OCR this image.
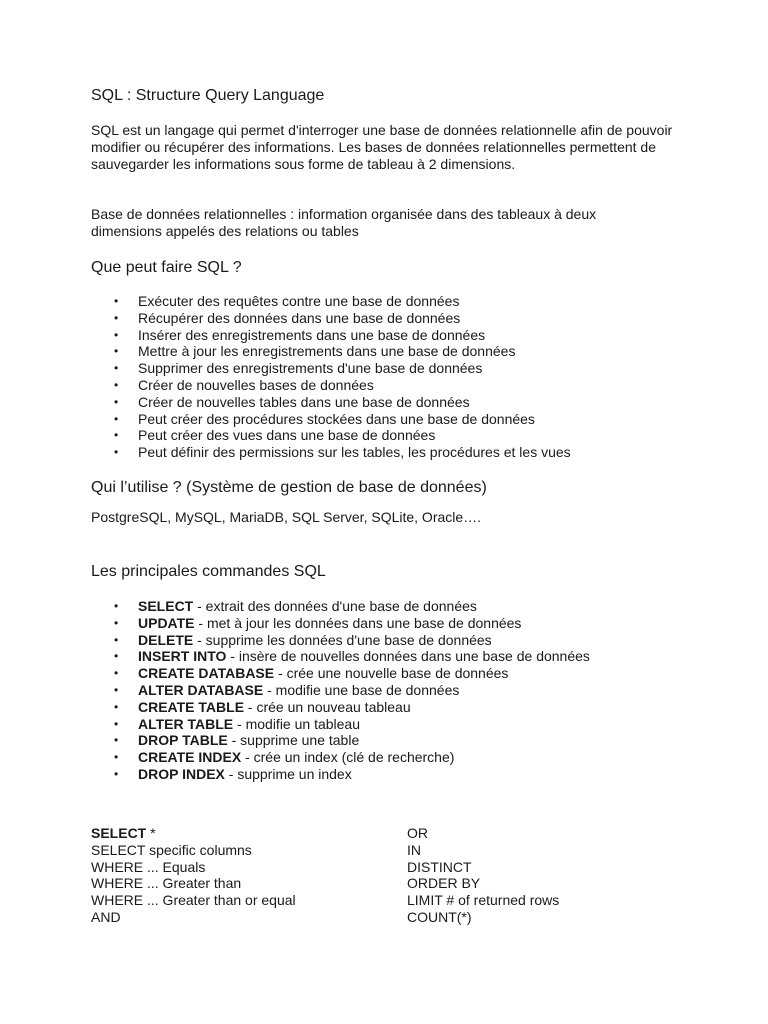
SQL : Structure Query Language
SQL est un langage qui permet d'interroger une base de données relationnelle afin de pouvoir modifier ou récupérer des informations. Les bases de données relationnelles permettent de sauvegarder les informations sous forme de tableau à 2 dimensions.
Base de données relationnelles : information organisée dans des tableaux à deux dimensions appelés des relations ou tables
Que peut faire SQL ?
• Exécuter des requêtes contre une base de données
• Récupérer des données dans une base de données
• Insérer des enregistrements dans une base de données
• Mettre à jour les enregistrements dans une base de données
• Supprimer des enregistrements d'une base de données
• Créer de nouvelles bases de données
• Créer de nouvelles tables dans une base de données
• Peut créer des procédures stockées dans une base de données
• Peut créer des vues dans une base de données
• Peut définir des permissions sur les tables, les procédures et les vues
Qui l’utilise ? (Système de gestion de base de données)
PostgreSQL, MySQL, MariaDB, SQL Server, SQLite, Oracle….
Les principales commandes SQL
• SELECT - extrait des données d'une base de données
• UPDATE - met à jour les données dans une base de données
• DELETE - supprime les données d'une base de données
• INSERT INTO - insère de nouvelles données dans une base de données
• CREATE DATABASE - crée une nouvelle base de données
• ALTER DATABASE - modifie une base de données
• CREATE TABLE - crée un nouveau tableau
• ALTER TABLE - modifie un tableau
• DROP TABLE - supprime une table
• CREATE INDEX - crée un index (clé de recherche)
• DROP INDEX - supprime un index
SELECT *
SELECT specific columns
WHERE ... Equals
WHERE ... Greater than
WHERE ... Greater than or equal
AND
OR
IN
DISTINCT
ORDER BY
LIMIT # of returned rows
COUNT(*)
